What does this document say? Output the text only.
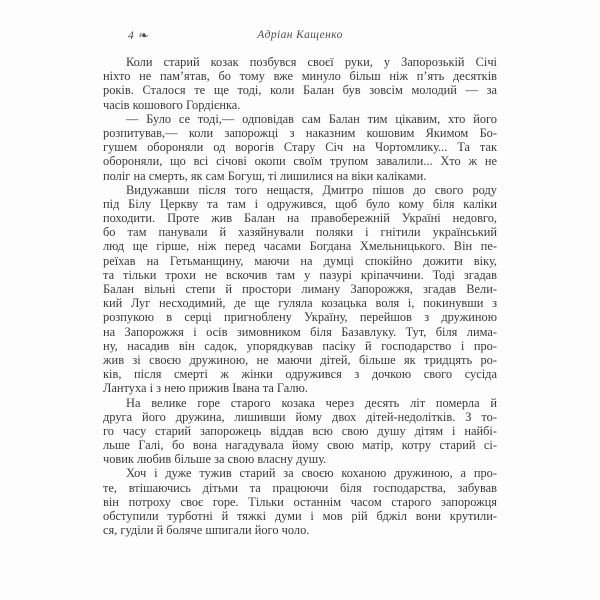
4 ❧	Адріан Кащенко
Коли старий козак позбувся своєї руки, у Запорозькій Січі
ніхто не пам’ятав, бо тому вже минуло більш ніж п’ять десятків
років. Сталося те ще тоді, коли Балан був зовсім молодий — за
часів кошового Гордієнка.
— Було се тоді,— одповідав сам Балан тим цікавим, хто його
розпитував,— коли запорожці з наказним кошовим Якимом Бо-
гушем обороняли од ворогів Стару Січ на Чортомлику... Та так
обороняли, що всі січові окопи своїм трупом завалили... Хто ж не
поліг на смерть, як сам Богуш, ті лишилися на віки каліками.
Видужавши після того нещастя, Дмитро пішов до свого роду
під Білу Церкву та там і одружився, щоб було кому біля каліки
походити. Проте жив Балан на правобережній Україні недовго,
бо там панували й хазяйнували поляки і гнітили український
люд ще гірше, ніж перед часами Богдана Хмельницького. Він пе-
реїхав на Гетьманщину, маючи на думці спокійно дожити віку,
та тільки трохи не вскочив там у пазурі кріпаччини. Тоді згадав
Балан вільні степи й простори лиману Запорожжя, згадав Вели-
кий Луг несходимий, де ще гуляла козацька воля і, покинувши з
розпукою в серці пригноблену Україну, перейшов з дружиною
на Запорожжя і осів зимовником біля Базавлуку. Тут, біля лима-
ну, насадив він садок, упорядкував пасіку й господарство і про-
жив зі своєю дружиною, не маючи дітей, більше як тридцять ро-
ків, після смерті ж жінки одружився з дочкою свого сусіда
Лантуха і з нею прижив Івана та Галю.
На велике горе старого козака через десять літ померла й
друга його дружина, лишивши йому двох дітей-недолітків. З то-
го часу старий запорожець віддав всю свою душу дітям і найбі-
льше Галі, бо вона нагадувала йому свою матір, котру старий сі-
човик любив більше за свою власну душу.
Хоч і дуже тужив старий за своєю коханою дружиною, а про-
те, втішаючись дітьми та працюючи біля господарства, забував
він потроху своє горе. Тільки останнім часом старого запорожця
обступили турботні й тяжкі думи і мов рій бджіл вони крутили-
ся, гуділи й боляче шпигали його чоло.
